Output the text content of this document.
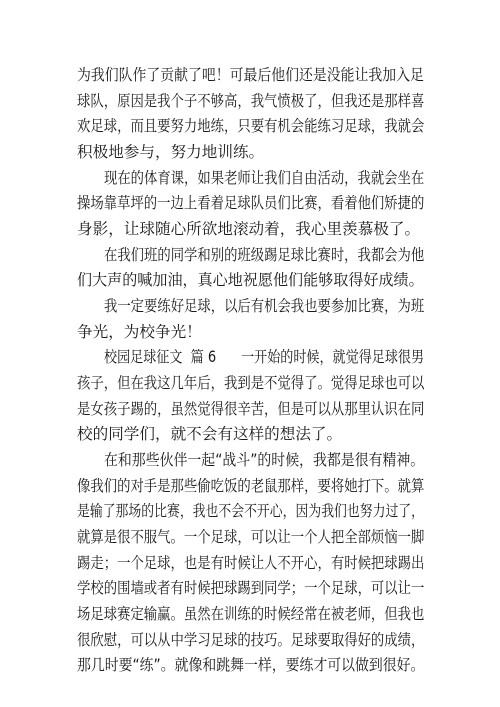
为我们队作了贡献了吧！可最后他们还是没能让我加入足
球队，原因是我个子不够高，我气愤极了，但我还是那样喜
欢足球，而且要努力地练，只要有机会能练习足球，我就会
积极地参与，努力地训练。
现在的体育课，如果老师让我们自由活动，我就会坐在
操场靠草坪的一边上看着足球队员们比赛，看着他们矫捷的
身影，让球随心所欲地滚动着，我心里羡慕极了。
在我们班的同学和别的班级踢足球比赛时，我都会为他
们大声的喊加油，真心地祝愿他们能够取得好成绩。
我一定要练好足球，以后有机会我也要参加比赛，为班
争光，为校争光！
校园足球征文  篇 6      一开始的时候，就觉得足球很男
孩子，但在我这几年后，我到是不觉得了。觉得足球也可以
是女孩子踢的，虽然觉得很辛苦，但是可以从那里认识在同
校的同学们，就不会有这样的想法了。
在和那些伙伴一起“战斗”的时候，我都是很有精神。
像我们的对手是那些偷吃饭的老鼠那样，要将她打下。就算
是输了那场的比赛，我也不会不开心，因为我们也努力过了，
就算是很不服气。一个足球，可以让一个人把全部烦恼一脚
踢走；一个足球，也是有时候让人不开心，有时候把球踢出
学校的围墙或者有时候把球踢到同学；一个足球，可以让一
场足球赛定输赢。虽然在训练的时候经常在被老师，但我也
很欣慰，可以从中学习足球的技巧。足球要取得好的成绩，
那几时要“练”。就像和跳舞一样，要练才可以做到很好。
